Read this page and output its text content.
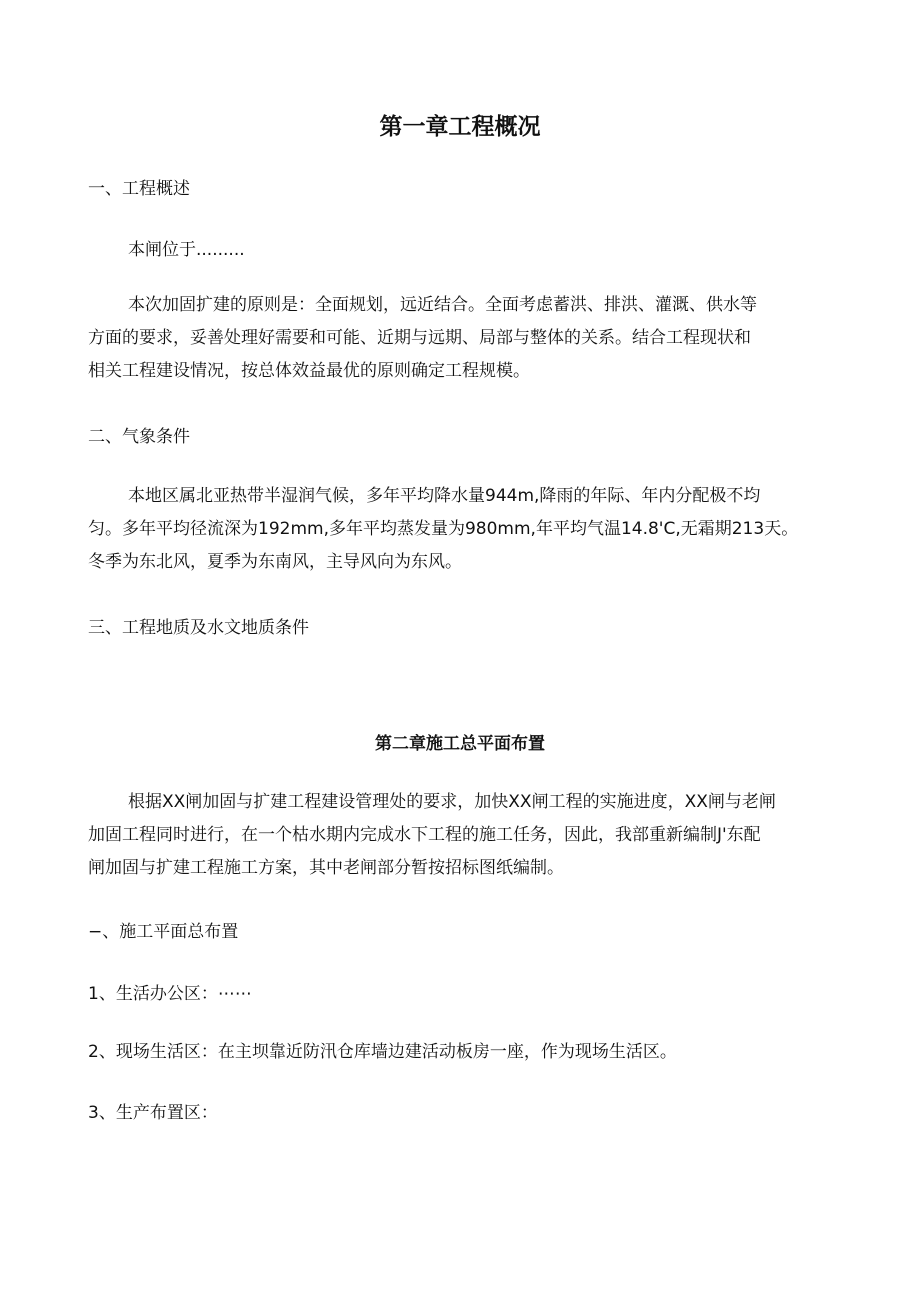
第一章工程概况
一、工程概述
本闸位于.........
本次加固扩建的原则是：全面规划，远近结合。全面考虑蓄洪、排洪、灌溉、供水等
方面的要求，妥善处理好需要和可能、近期与远期、局部与整体的关系。结合工程现状和
相关工程建设情况，按总体效益最优的原则确定工程规模。
二、气象条件
本地区属北亚热带半湿润气候，多年平均降水量944m,降雨的年际、年内分配极不均
匀。多年平均径流深为192mm,多年平均蒸发量为980mm,年平均气温14.8'C,无霜期213天。
冬季为东北风，夏季为东南风，主导风向为东风。
三、工程地质及水文地质条件
第二章施工总平面布置
根据XX闸加固与扩建工程建设管理处的要求，加快XX闸工程的实施进度，XX闸与老闸
加固工程同时进行，在一个枯水期内完成水下工程的施工任务，因此，我部重新编制J'东配
闸加固与扩建工程施工方案，其中老闸部分暂按招标图纸编制。
−、施工平面总布置
1、生活办公区：⋯⋯
2、现场生活区：在主坝靠近防汛仓库墙边建活动板房一座，作为现场生活区。
3、生产布置区：
